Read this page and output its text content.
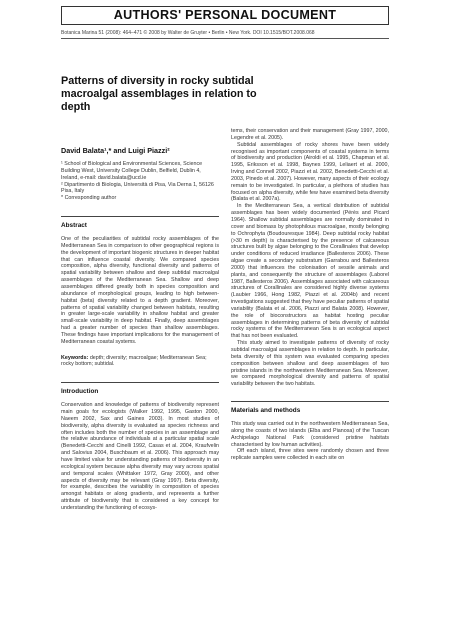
AUTHORS' PERSONAL DOCUMENT
Botanica Marina 51 (2008): 464–471 © 2008 by Walter de Gruyter • Berlin • New York. DOI 10.1515/BOT.2008.068
Patterns of diversity in rocky subtidal macroalgal assemblages in relation to depth
David Balata¹,* and Luigi Piazzi²

¹ School of Biological and Environmental Sciences, Science Building West, University College Dublin, Belfield, Dublin 4, Ireland, e-mail: david.balata@ucd.ie

² Dipartimento di Biologia, Università di Pisa, Via Derna 1, 56126 Pisa, Italy

* Corresponding author

Abstract

One of the peculiarities of subtidal rocky assemblages of the Mediterranean Sea in comparison to other geographical regions is the development of important biogenic structures in deeper habitat that can influence coastal diversity. We compared species composition, alpha diversity, functional diversity and patterns of spatial variability between shallow and deep subtidal macroalgal assemblages of the Mediterranean Sea. Shallow and deep assemblages differed greatly both in species composition and abundance of morphological groups, leading to high between-habitat (beta) diversity related to a depth gradient. Moreover, patterns of spatial variability changed between habitats, resulting in greater large-scale variability in shallow habitat and greater small-scale variability in deep habitat. Finally, deep assemblages had a greater number of species than shallow assemblages. These findings have important implications for the management of Mediterranean coastal systems.

Keywords: depth; diversity; macroalgae; Mediterranean Sea; rocky bottom; subtidal.

Introduction

Conservation and knowledge of patterns of biodiversity represent main goals for ecologists (Walker 1992, 1995, Gaston 2000, Naeem 2002, Sax and Gaines 2003). In most studies of biodiversity, alpha diversity is evaluated as species richness and often includes both the number of species in an assemblage and the relative abundance of individuals at a particular spatial scale (Benedetti-Cecchi and Cinelli 1992, Casas et al. 2004, Kraufvelin and Salovius 2004, Buschbaum et al. 2006). This approach may have limited value for understanding patterns of biodiversity in an ecological system because alpha diversity may vary across spatial and temporal scales (Whittaker 1972, Gray 2000), and other aspects of diversity may be relevant (Gray 1997). Beta diversity, for example, describes the variability in composition of species amongst habitats or along gradients, and represents a further attribute of biodiversity that is considered a key concept for understanding the functioning of ecosys-

tems, their conservation and their management (Gray 1997, 2000, Legendre et al. 2005).

Subtidal assemblages of rocky shores have been widely recognised as important components of coastal systems in terms of biodiversity and production (Airoldi et al. 1995, Chapman et al. 1995, Eriksson et al. 1998, Baynes 1999, Leliaert et al. 2000, Irving and Connell 2002, Piazzi et al. 2002, Benedetti-Cecchi et al. 2003, Pinedo et al. 2007). However, many aspects of their ecology remain to be investigated. In particular, a plethora of studies has focused on alpha diversity, while few have examined beta diversity (Balata et al. 2007a).

In the Mediterranean Sea, a vertical distribution of subtidal assemblages has been widely documented (Pérès and Picard 1964). Shallow subtidal assemblages are normally dominated in cover and biomass by photophilous macroalgae, mostly belonging to Ochrophyta (Boudouresque 1984). Deep subtidal rocky habitat (>30 m depth) is characterised by the presence of calcareous structures built by algae belonging to the Corallinales that develop under conditions of reduced irradiance (Ballesteros 2006). These algae create a secondary substratum (Garrabou and Ballesteros 2000) that influences the colonisation of sessile animals and plants, and consequently the structure of assemblages (Laborel 1987, Ballesteros 2006). Assemblages associated with calcareous structures of Corallinales are considered highly diverse systems (Laubier 1966, Hong 1982, Piazzi et al. 2004b) and recent investigations suggested that they have peculiar patterns of spatial variability (Balata et al. 2006, Piazzi and Balata 2008). However, the role of bioconstructors as habitat hosting peculiar assemblages in determining patterns of beta diversity of subtidal rocky systems of the Mediterranean Sea is an ecological aspect that has not been evaluated.

This study aimed to investigate patterns of diversity of rocky subtidal macroalgal assemblages in relation to depth. In particular, beta diversity of this system was evaluated comparing species composition between shallow and deep assemblages of two pristine islands in the northwestern Mediterranean Sea. Moreover, we compared morphological diversity and patterns of spatial variability between the two habitats.

Materials and methods

This study was carried out in the northwestern Mediterranean Sea, along the coasts of two islands (Elba and Pianosa) of the Tuscan Archipelago National Park (considered pristine habitats characterised by low human activities).

Off each island, three sites were randomly chosen and three replicate samples were collected in each site on
